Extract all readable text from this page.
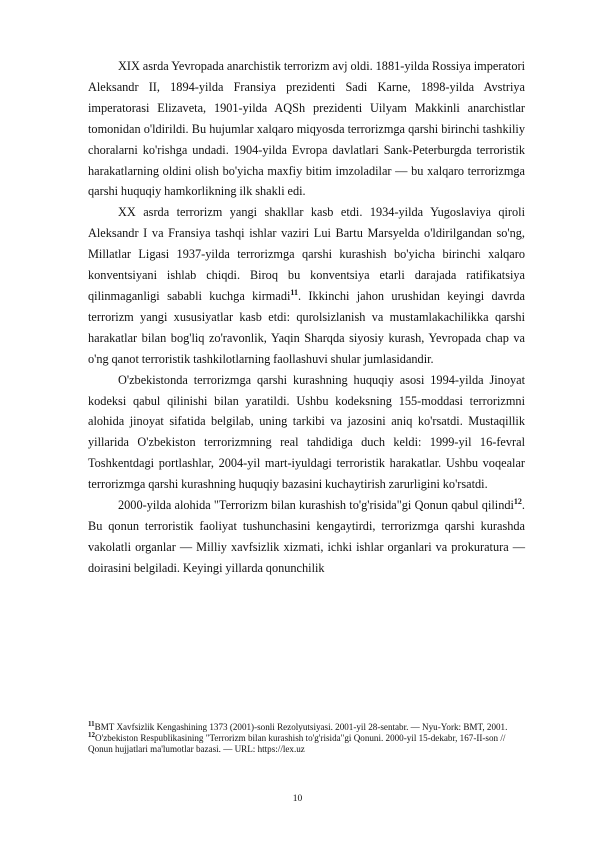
XIX asrda Yevropada anarchistik terrorizm avj oldi. 1881-yilda Rossiya imperatori Aleksandr II, 1894-yilda Fransiya prezidenti Sadi Karne, 1898-yilda Avstriya imperatorasi Elizaveta, 1901-yilda AQSh prezidenti Uilyam Makkinli anarchistlar tomonidan o'ldirildi. Bu hujumlar xalqaro miqyosda terrorizmga qarshi birinchi tashkiliy choralarni ko'rishga undadi. 1904-yilda Evropa davlatlari Sank-Peterburgda terroristik harakatlarning oldini olish bo'yicha maxfiy bitim imzoladilar — bu xalqaro terrorizmga qarshi huquqiy hamkorlikning ilk shakli edi.

XX asrda terrorizm yangi shakllar kasb etdi. 1934-yilda Yugoslaviya qiroli Aleksandr I va Fransiya tashqi ishlar vaziri Lui Bartu Marsyelda o'ldirilgandan so'ng, Millatlar Ligasi 1937-yilda terrorizmga qarshi kurashish bo'yicha birinchi xalqaro konventsiyani ishlab chiqdi. Biroq bu konventsiya etarli darajada ratifikatsiya qilinmaganligi sababli kuchga kirmadi$^{11}$. Ikkinchi jahon urushidan keyingi davrda terrorizm yangi xususiyatlar kasb etdi: qurolsizlanish va mustamlakachilikka qarshi harakatlar bilan bog'liq zo'ravonlik, Yaqin Sharqda siyosiy kurash, Yevropada chap va o'ng qanot terroristik tashkilotlarning faollashuvi shular jumlasidandir.

O'zbekistonda terrorizmga qarshi kurashning huquqiy asosi 1994-yilda Jinoyat kodeksi qabul qilinishi bilan yaratildi. Ushbu kodeksning 155-moddasi terrorizmni alohida jinoyat sifatida belgilab, uning tarkibi va jazosini aniq ko'rsatdi. Mustaqillik yillarida O'zbekiston terrorizmning real tahdidiga duch keldi: 1999-yil 16-fevral Toshkentdagi portlashlar, 2004-yil mart-iyuldagi terroristik harakatlar. Ushbu voqealar terrorizmga qarshi kurashning huquqiy bazasini kuchaytirish zarurligini ko'rsatdi.

2000-yilda alohida "Terrorizm bilan kurashish to'g'risida"gi Qonun qabul qilindi$^{12}$. Bu qonun terroristik faoliyat tushunchasini kengaytirdi, terrorizmga qarshi kurashda vakolatli organlar — Milliy xavfsizlik xizmati, ichki ishlar organlari va prokuratura — doirasini belgiladi. Keyingi yillarda qonunchilik

$^{11}$BMT Xavfsizlik Kengashining 1373 (2001)-sonli Rezolyutsiyasi. 2001-yil 28-sentabr. — Nyu-York: BMT, 2001.

$^{12}$O'zbekiston Respublikasining "Terrorizm bilan kurashish to'g'risida"gi Qonuni. 2000-yil 15-dekabr, 167-II-son // Qonun hujjatlari ma'lumotlar bazasi. — URL: https://lex.uz

10
